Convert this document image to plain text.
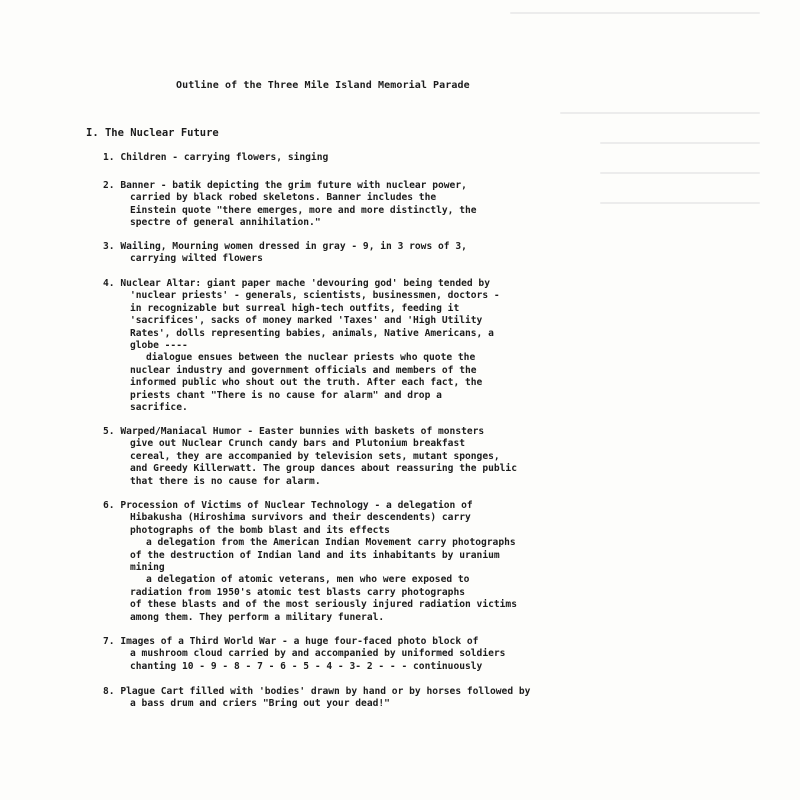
Outline of the Three Mile Island Memorial Parade
I. The Nuclear Future
1. Children - carrying flowers, singing
2. Banner - batik depicting the grim future with nuclear power,
carried by black robed skeletons. Banner includes the
Einstein quote "there emerges, more and more distinctly, the
spectre of general annihilation."
3. Wailing, Mourning women dressed in gray - 9, in 3 rows of 3,
carrying wilted flowers
4. Nuclear Altar: giant paper mache 'devouring god' being tended by
'nuclear priests' - generals, scientists, businessmen, doctors -
in recognizable but surreal high-tech outfits, feeding it
'sacrifices', sacks of money marked 'Taxes' and 'High Utility
Rates', dolls representing babies, animals, Native Americans, a
globe ----
dialogue ensues between the nuclear priests who quote the
nuclear industry and government officials and members of the
informed public who shout out the truth. After each fact, the
priests chant "There is no cause for alarm" and drop a
sacrifice.
5. Warped/Maniacal Humor - Easter bunnies with baskets of monsters
give out Nuclear Crunch candy bars and Plutonium breakfast
cereal, they are accompanied by television sets, mutant sponges,
and Greedy Killerwatt. The group dances about reassuring the public
that there is no cause for alarm.
6. Procession of Victims of Nuclear Technology - a delegation of
Hibakusha (Hiroshima survivors and their descendents) carry
photographs of the bomb blast and its effects
a delegation from the American Indian Movement carry photographs
of the destruction of Indian land and its inhabitants by uranium
mining
a delegation of atomic veterans, men who were exposed to
radiation from 1950's atomic test blasts carry photographs
of these blasts and of the most seriously injured radiation victims
among them. They perform a military funeral.
7. Images of a Third World War - a huge four-faced photo block of
a mushroom cloud carried by and accompanied by uniformed soldiers
chanting 10 - 9 - 8 - 7 - 6 - 5 - 4 - 3- 2 - - - continuously
8. Plague Cart filled with 'bodies' drawn by hand or by horses followed by
a bass drum and criers "Bring out your dead!"
